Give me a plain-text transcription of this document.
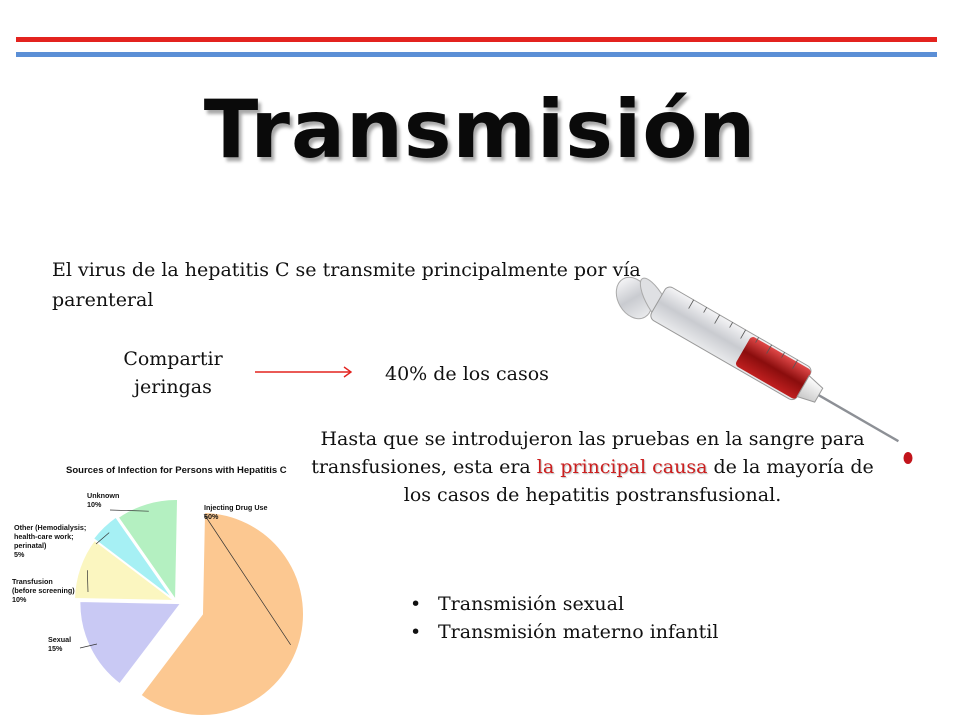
Transmisión
El virus de la hepatitis C se transmite principalmente por vía parenteral
Compartir
jeringas
40% de los casos
Hasta que se introdujeron las pruebas en la sangre para transfusiones, esta era la principal causa de la mayoría de los casos de hepatitis postransfusional.
• Transmisión sexual
• Transmisión materno infantil
Sources of Infection for Persons with Hepatitis C
Injecting Drug Use
60%
Sexual
15%
Transfusion
(before screening)
10%
Other (Hemodialysis;
health-care work;
perinatal)
5%
Unknown
10%
